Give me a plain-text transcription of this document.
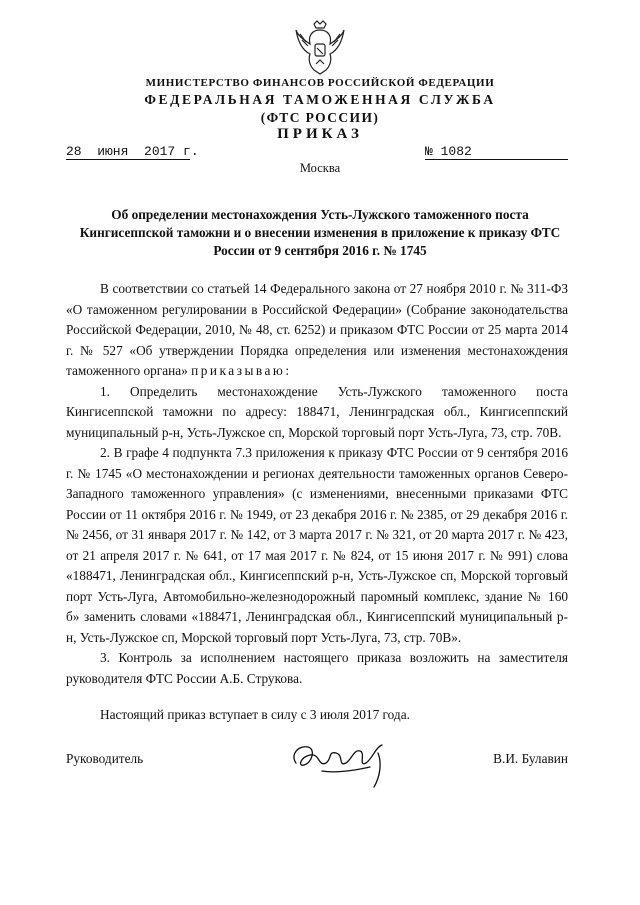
МИНИСТЕРСТВО ФИНАНСОВ РОССИЙСКОЙ ФЕДЕРАЦИИ
ФЕДЕРАЛЬНАЯ ТАМОЖЕННАЯ СЛУЖБА
(ФТС РОССИИ)
ПРИКАЗ
28  июня  2017 г.	№ 1082
Москва
Об определении местонахождения Усть-Лужского таможенного поста Кингисеппской таможни и о внесении изменения в приложение к приказу ФТС России от 9 сентября 2016 г. № 1745

В соответствии со статьей 14 Федерального закона от 27 ноября 2010 г. № 311-ФЗ «О таможенном регулировании в Российской Федерации» (Собрание законодательства Российской Федерации, 2010, № 48, ст. 6252) и приказом ФТС России от 25 марта 2014 г. № 527 «Об утверждении Порядка определения или изменения местонахождения таможенного органа» приказываю:

1. Определить местонахождение Усть-Лужского таможенного поста Кингисеппской таможни по адресу: 188471, Ленинградская обл., Кингисеппский муниципальный р-н, Усть-Лужское сп, Морской торговый порт Усть-Луга, 73, стр. 70В.

2. В графе 4 подпункта 7.3 приложения к приказу ФТС России от 9 сентября 2016 г. № 1745 «О местонахождении и регионах деятельности таможенных органов Северо-Западного таможенного управления» (с изменениями, внесенными приказами ФТС России от 11 октября 2016 г. № 1949, от 23 декабря 2016 г. № 2385, от 29 декабря 2016 г. № 2456, от 31 января 2017 г. № 142, от 3 марта 2017 г. № 321, от 20 марта 2017 г. № 423, от 21 апреля 2017 г. № 641, от 17 мая 2017 г. № 824, от 15 июня 2017 г. № 991) слова «188471, Ленинградская обл., Кингисеппский р-н, Усть-Лужское сп, Морской торговый порт Усть-Луга, Автомобильно-железнодорожный паромный комплекс, здание № 160 б» заменить словами «188471, Ленинградская обл., Кингисеппский муниципальный р-н, Усть-Лужское сп, Морской торговый порт Усть-Луга, 73, стр. 70В».

3. Контроль за исполнением настоящего приказа возложить на заместителя руководителя ФТС России А.Б. Струкова.

Настоящий приказ вступает в силу с 3 июля 2017 года.

Руководитель	В.И. Булавин
